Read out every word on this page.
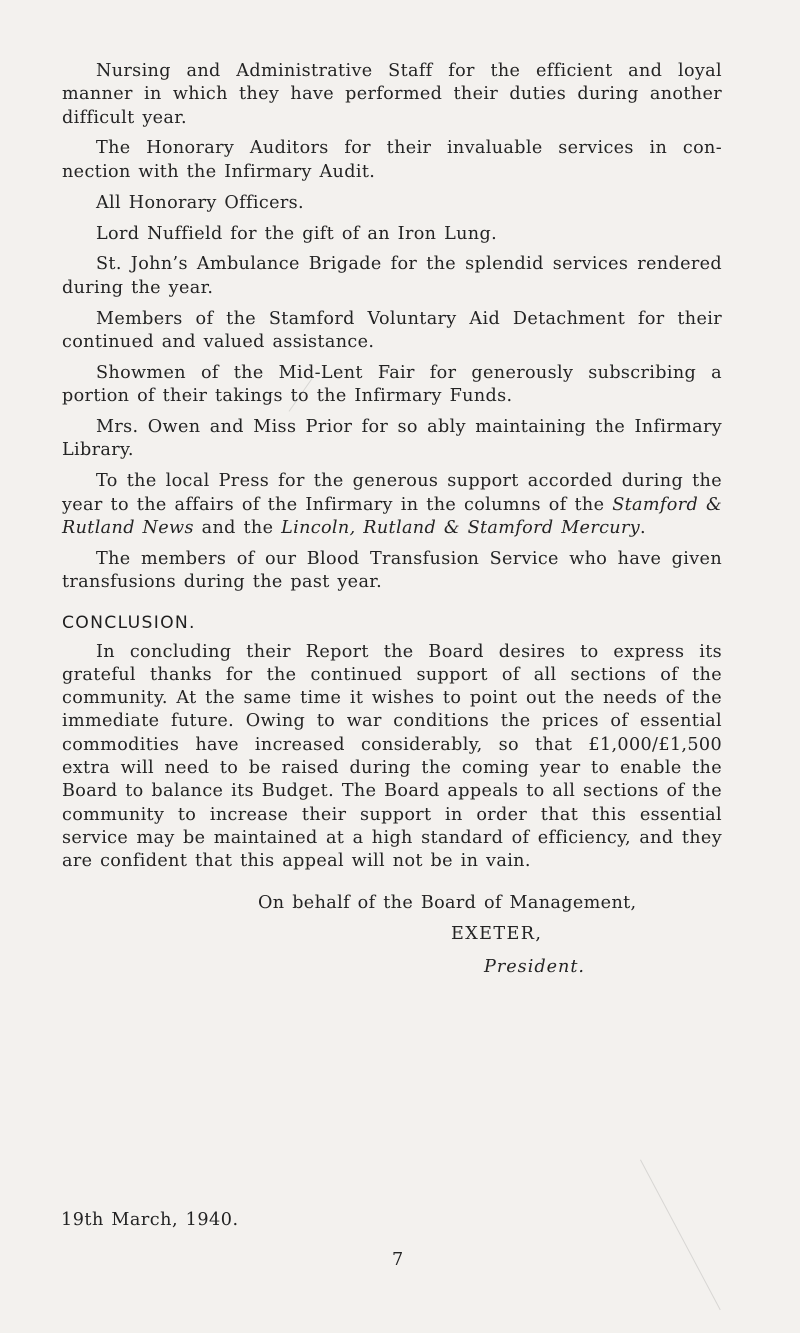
Nursing and Administrative Staff for the efficient and loyal manner in which they have performed their duties during another difficult year.

The Honorary Auditors for their invaluable services in con- nection with the Infirmary Audit.

All Honorary Officers.

Lord Nuffield for the gift of an Iron Lung.

St. John’s Ambulance Brigade for the splendid services rendered during the year.

Members of the Stamford Voluntary Aid Detachment for their continued and valued assistance.

Showmen of the Mid-Lent Fair for generously subscribing a portion of their takings to the Infirmary Funds.

Mrs. Owen and Miss Prior for so ably maintaining the Infirmary Library.

To the local Press for the generous support accorded during the year to the affairs of the Infirmary in the columns of the Stamford & Rutland News and the Lincoln, Rutland & Stamford Mercury.

The members of our Blood Transfusion Service who have given transfusions during the past year.

CONCLUSION.

In concluding their Report the Board desires to express its grateful thanks for the continued support of all sections of the community. At the same time it wishes to point out the needs of the immediate future. Owing to war conditions the prices of essential commodities have increased considerably, so that £1,000/£1,500 extra will need to be raised during the coming year to enable the Board to balance its Budget. The Board appeals to all sections of the community to increase their support in order that this essential service may be maintained at a high standard of efficiency, and they are confident that this appeal will not be in vain.

On behalf of the Board of Management,
EXETER,
President.
19th March, 1940.
7
